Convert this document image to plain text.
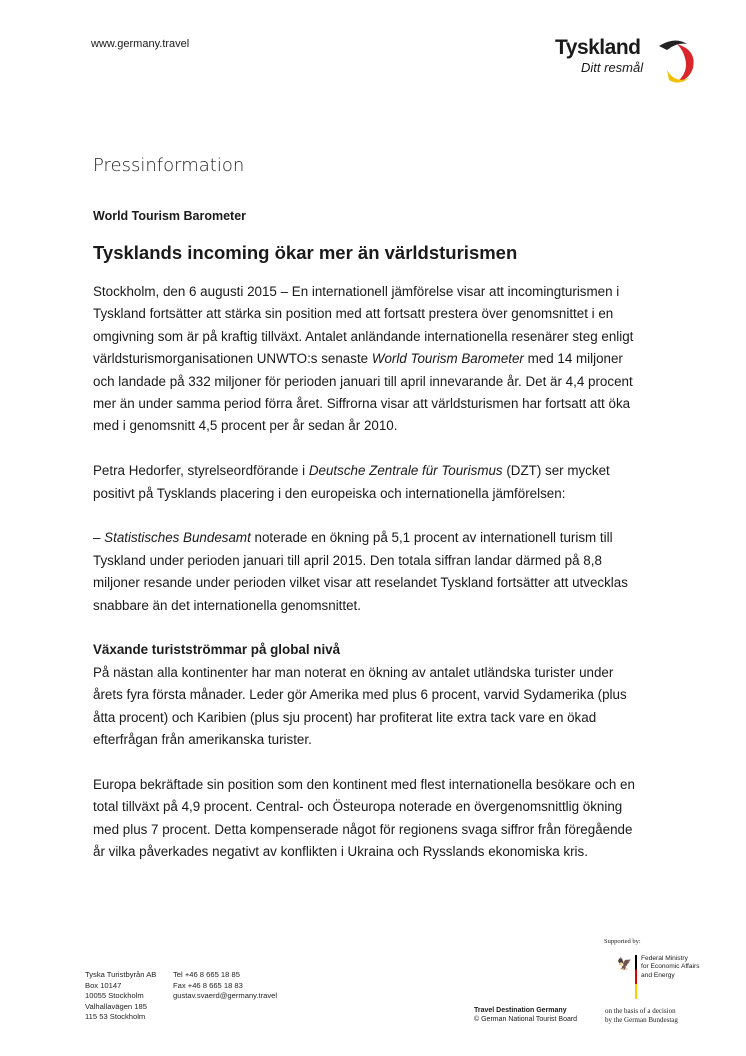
www.germany.travel	Tyskland
Ditt resmål
Pressinformation
World Tourism Barometer
Tysklands incoming ökar mer än världsturismen

Stockholm, den 6 augusti 2015 – En internationell jämförelse visar att incomingturismen i Tyskland fortsätter att stärka sin position med att fortsatt prestera över genomsnittet i en omgivning som är på kraftig tillväxt. Antalet anländande internationella resenärer steg enligt världsturismorganisationen UNWTO:s senaste World Tourism Barometer med 14 miljoner och landade på 332 miljoner för perioden januari till april innevarande år. Det är 4,4 procent mer än under samma period förra året. Siffrorna visar att världsturismen har fortsatt att öka med i genomsnitt 4,5 procent per år sedan år 2010.

Petra Hedorfer, styrelseordförande i Deutsche Zentrale für Tourismus (DZT) ser mycket positivt på Tysklands placering i den europeiska och internationella jämförelsen:

– Statistisches Bundesamt noterade en ökning på 5,1 procent av internationell turism till Tyskland under perioden januari till april 2015. Den totala siffran landar därmed på 8,8 miljoner resande under perioden vilket visar att reselandet Tyskland fortsätter att utvecklas snabbare än det internationella genomsnittet.

Växande turistströmmar på global nivå

På nästan alla kontinenter har man noterat en ökning av antalet utländska turister under årets fyra första månader. Leder gör Amerika med plus 6 procent, varvid Sydamerika (plus åtta procent) och Karibien (plus sju procent) har profiterat lite extra tack vare en ökad efterfrågan från amerikanska turister.

Europa bekräftade sin position som den kontinent med flest internationella besökare och en total tillväxt på 4,9 procent. Central- och Östeuropa noterade en övergenomsnittlig ökning med plus 7 procent. Detta kompenserade något för regionens svaga siffror från föregående år vilka påverkades negativt av konflikten i Ukraina och Rysslands ekonomiska kris.

Tyska Turistbyrån AB
Box 10147
10055 Stockholm
Valhallavägen 185
115 53 Stockholm
Tel +46 8 665 18 85
Fax +46 8 665 18 83
gustav.svaerd@germany.travel
Supported by:
🦅 Federal Ministry
for Economic Affairs
and Energy
Travel Destination Germany
© German National Tourist Board
on the basis of a decision
by the German Bundestag
